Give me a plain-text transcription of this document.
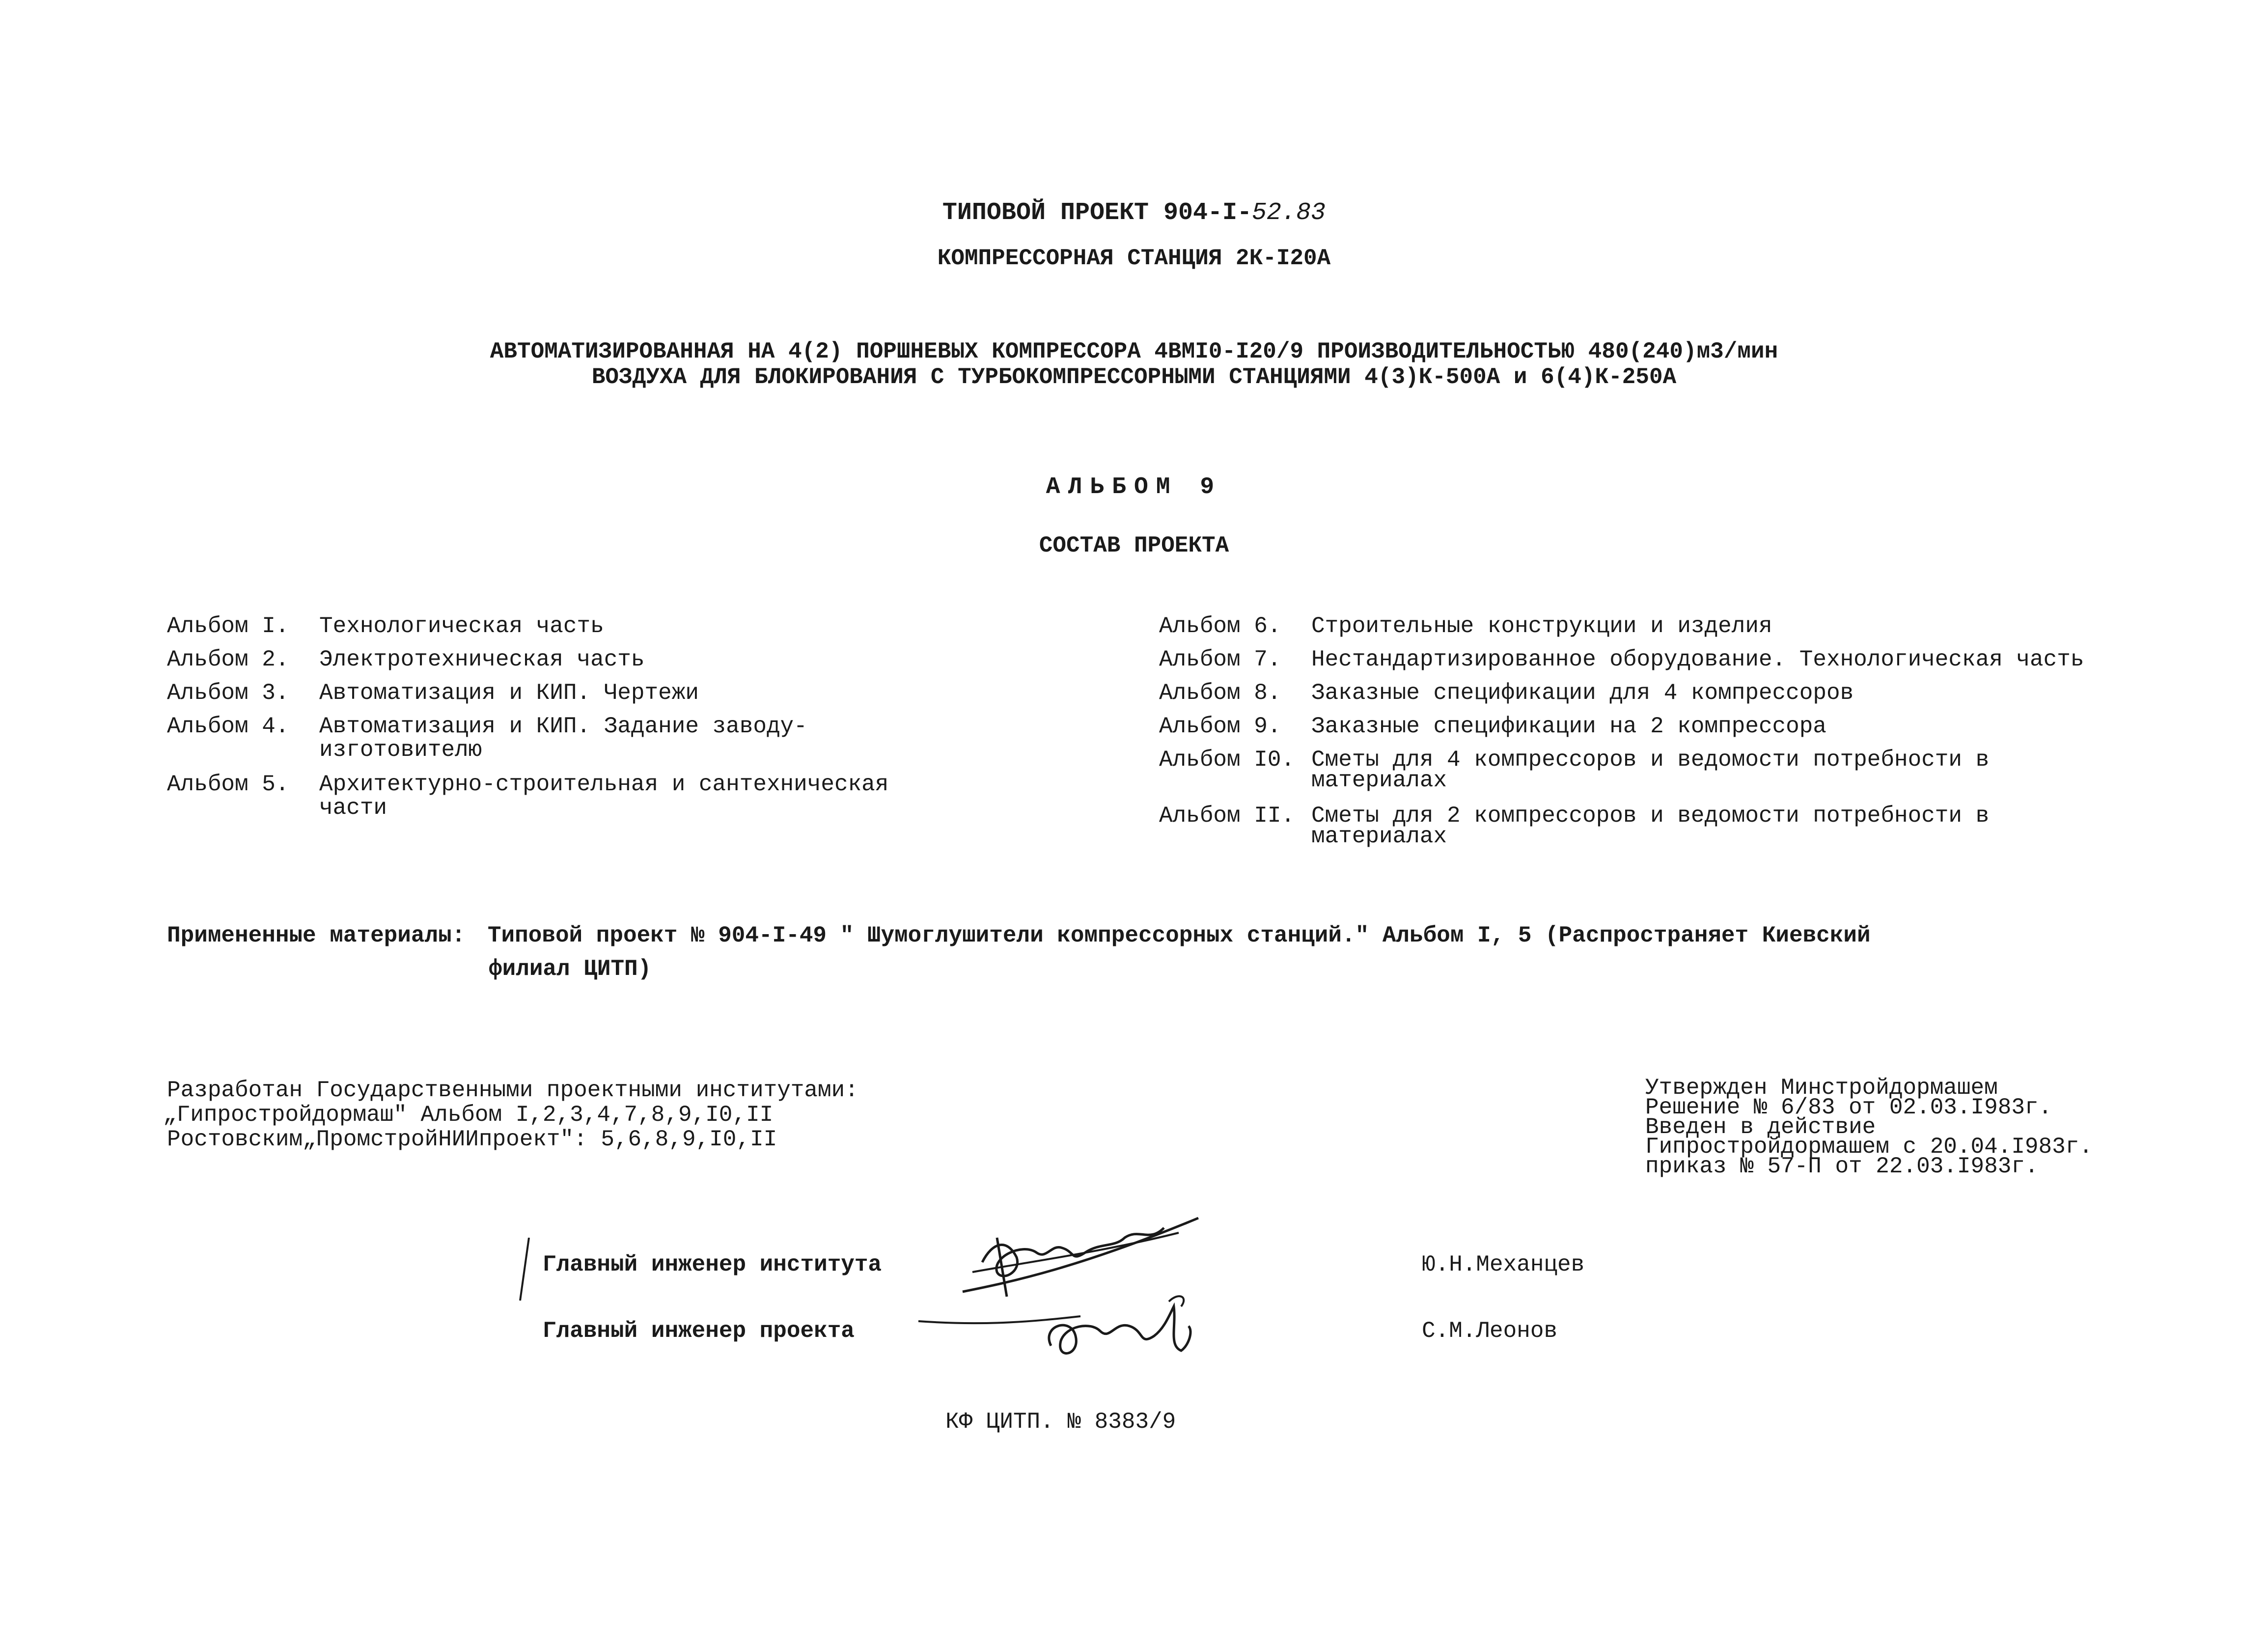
ТИПОВОЙ ПРОЕКТ 904-I-52.83
КОМПРЕССОРНАЯ СТАНЦИЯ 2К-I20А
АВТОМАТИЗИРОВАННАЯ НА 4(2) ПОРШНЕВЫХ КОМПРЕССОРА 4ВМI0-I20/9 ПРОИЗВОДИТЕЛЬНОСТЬЮ 480(240)м3/мин
ВОЗДУХА ДЛЯ БЛОКИРОВАНИЯ С ТУРБОКОМПРЕССОРНЫМИ СТАНЦИЯМИ 4(3)К-500А и 6(4)К-250А
АЛЬБОМ 9
СОСТАВ ПРОЕКТА
Альбом I. Технологическая часть
Альбом 2. Электротехническая часть
Альбом 3. Автоматизация и КИП. Чертежи
Альбом 4. Автоматизация и КИП. Задание заводу-
изготовителю
Альбом 5. Архитектурно-строительная и сантехническая
части
Альбом 6. Строительные конструкции и изделия
Альбом 7. Нестандартизированное оборудование. Технологическая часть
Альбом 8. Заказные спецификации для 4 компрессоров
Альбом 9. Заказные спецификации на 2 компрессора
Альбом I0. Сметы для 4 компрессоров и ведомости потребности в
материалах
Альбом II. Сметы для 2 компрессоров и ведомости потребности в
материалах
Примененные материалы: Типовой проект № 904-I-49 " Шумоглушители компрессорных станций." Альбом I, 5 (Распространяет Киевский
филиал ЦИТП)
Разработан Государственными проектными институтами:
„Гипростройдормаш" Альбом I,2,3,4,7,8,9,I0,II
Ростовским„ПромстройНИИпроект": 5,6,8,9,I0,II
Утвержден Минстройдормашем
Решение № 6/83 от 02.03.I983г.
Введен в действие
Гипростройдормашем с 20.04.I983г.
приказ № 57-П от 22.03.I983г.
Главный инженер института	Ю.Н.Механцев
Главный инженер проекта	С.М.Леонов
КФ ЦИТП. № 8383/9
